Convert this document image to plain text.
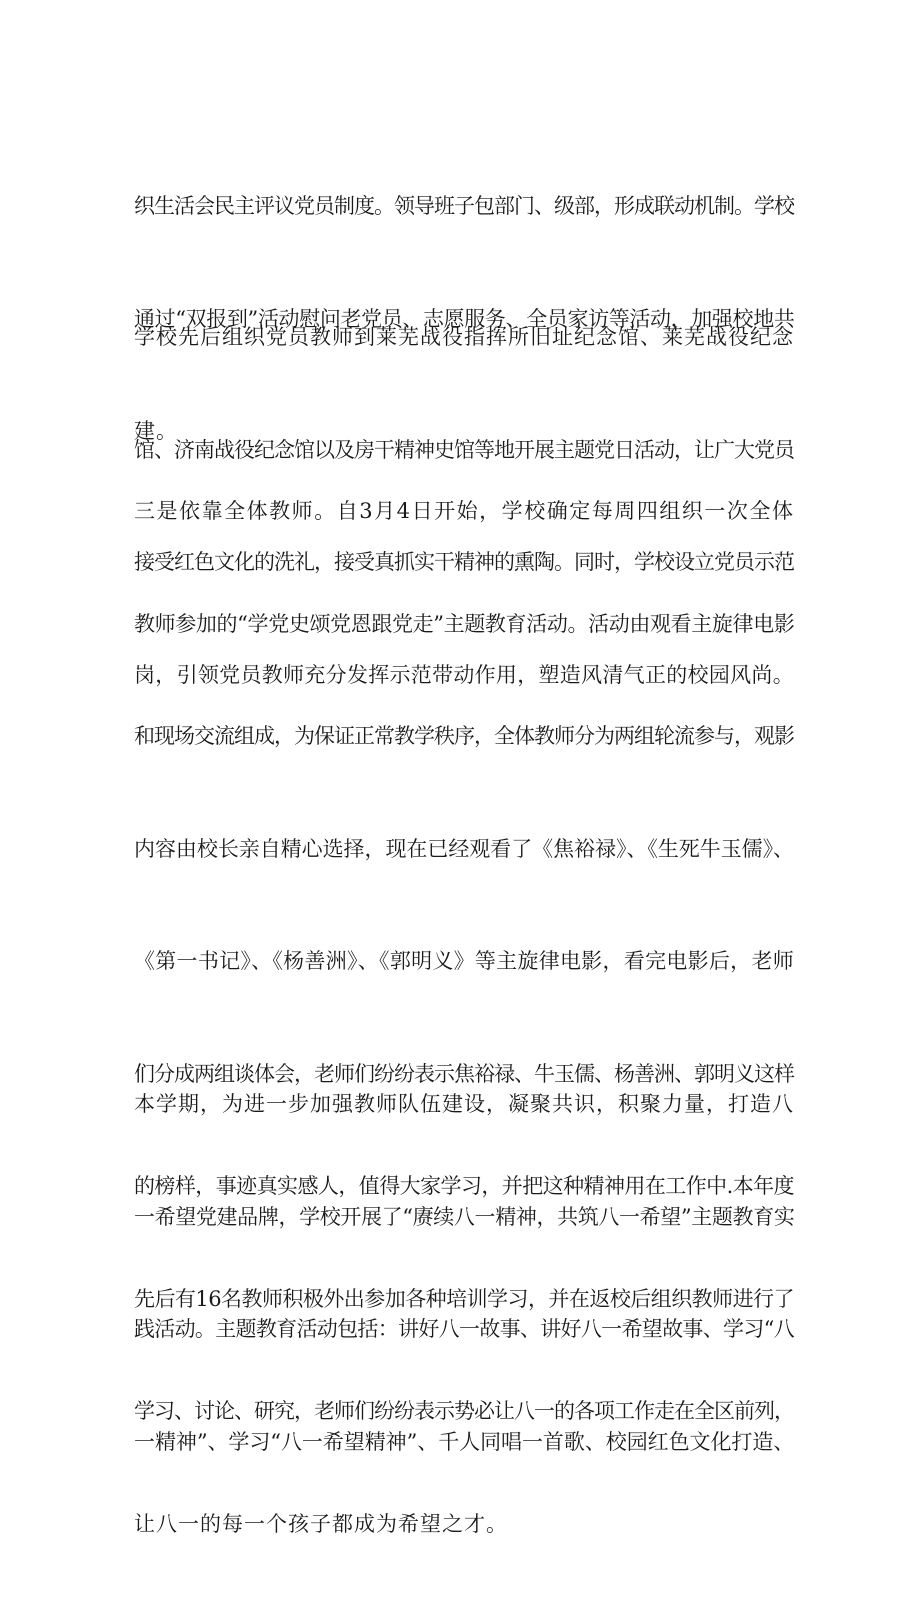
织生活会民主评议党员制度。领导班子包部门、级部，形成联动机制。学校

通过“双报到”活动慰问老党员、志愿服务、全员家访等活动，加强校地共

建。

学校先后组织党员教师到莱芜战役指挥所旧址纪念馆、莱芜战役纪念

馆、济南战役纪念馆以及房干精神史馆等地开展主题党日活动，让广大党员

接受红色文化的洗礼，接受真抓实干精神的熏陶。同时，学校设立党员示范

岗，引领党员教师充分发挥示范带动作用，塑造风清气正的校园风尚。

三是依靠全体教师。自3月4日开始，学校确定每周四组织一次全体

教师参加的“学党史颂党恩跟党走”主题教育活动。活动由观看主旋律电影

和现场交流组成，为保证正常教学秩序，全体教师分为两组轮流参与，观影

内容由校长亲自精心选择，现在已经观看了《焦裕禄》、《生死牛玉儒》、

《第一书记》、《杨善洲》、《郭明义》等主旋律电影，看完电影后，老师

们分成两组谈体会，老师们纷纷表示焦裕禄、牛玉儒、杨善洲、郭明义这样

的榜样，事迹真实感人，值得大家学习，并把这种精神用在工作中.本年度

先后有16名教师积极外出参加各种培训学习，并在返校后组织教师进行了

学习、讨论、研究，老师们纷纷表示势必让八一的各项工作走在全区前列，

让八一的每一个孩子都成为希望之才。

本学期，为进一步加强教师队伍建设，凝聚共识，积聚力量，打造八

一希望党建品牌，学校开展了“赓续八一精神，共筑八一希望”主题教育实

践活动。主题教育活动包括：讲好八一故事、讲好八一希望故事、学习“八

一精神”、学习“八一希望精神”、千人同唱一首歌、校园红色文化打造、
